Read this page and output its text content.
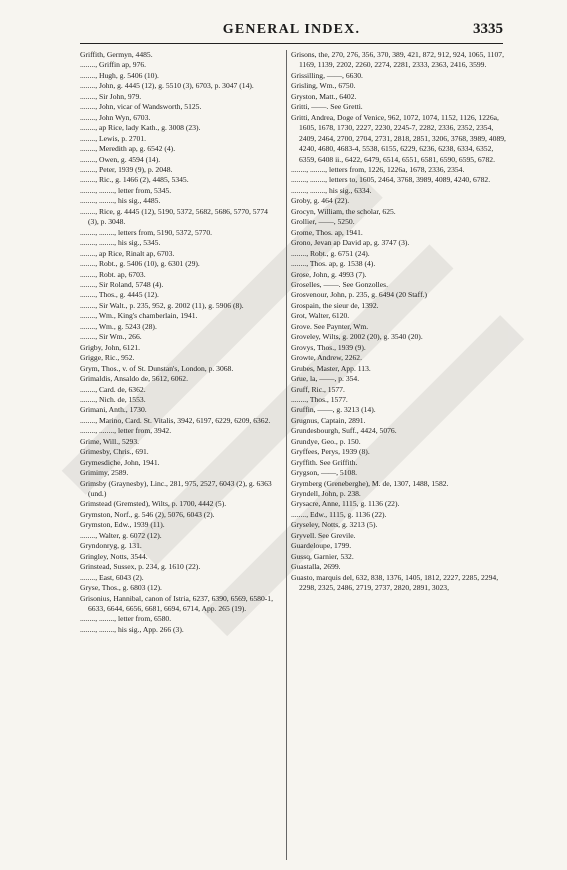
GENERAL INDEX.	3335
Griffith, Germyn, 4485.
........, Griffin ap, 976.
........, Hugh, g. 5406 (10).
........, John, g. 4445 (12), g. 5510 (3), 6703, p. 3047 (14).
........, Sir John, 979.
........, John, vicar of Wandsworth, 5125.
........, John Wyn, 6703.
........, ap Rice, lady Kath., g. 3008 (23).
........, Lewis, p. 2701.
........, Meredith ap, g. 6542 (4).
........, Owen, g. 4594 (14).
........, Peter, 1939 (9), p. 2048.
........, Ric., g. 1466 (2), 4485, 5345.
........, ........, letter from, 5345.
........, ........, his sig., 4485.
........, Rice, g. 4445 (12), 5190, 5372, 5682, 5686, 5770, 5774 (3), p. 3048.
........, ........, letters from, 5190, 5372, 5770.
........, ........, his sig., 5345.
........, ap Rice, Rinalt ap, 6703.
........, Robt., g. 5406 (10), g. 6301 (29).
........, Robt. ap, 6703.
........, Sir Roland, 5748 (4).
........, Thos., g. 4445 (12).
........, Sir Walt., p. 235, 952, g. 2002 (11), g. 5906 (8).
........, Wm., King's chamberlain, 1941.
........, Wm., g. 5243 (28).
........, Sir Wm., 266.
Grigby, John, 6121.
Grigge, Ric., 952.
Grym, Thos., v. of St. Dunstan's, London, p. 3068.
Grimaldis, Ansaldo de, 5612, 6062.
........, Card. de, 6362.
........, Nich. de, 1553.
Grimani, Anth., 1730.
........, Marino, Card. St. Vitalis, 3942, 6197, 6229, 6209, 6362.
........, ........, letter from, 3942.
Grime, Will., 5293.
Grimesby, Chris., 691.
Grymesdiche, John, 1941.
Grimimy, 2589.
Grimsby (Graynesby), Linc., 281, 975, 2527, 6043 (2), g. 6363 (und.)
Grimstead (Gremsted), Wilts, p. 1700, 4442 (5).
Grymston, Norf., g. 546 (2), 5076, 6043 (2).
Grymston, Edw., 1939 (11).
........, Walter, g. 6072 (12).
Gryndonryg, g. 131.
Gringley, Notts, 3544.
Grinstead, Sussex, p. 234, g. 1610 (22).
........, East, 6043 (2).
Gryse, Thos., g. 6803 (12).
Grisonius, Hannibal, canon of Istria, 6237, 6390, 6569, 6580-1, 6633, 6644, 6656, 6681, 6694, 6714, App. 265 (19).
........, ........, letter from, 6580.
........, ........, his sig., App. 266 (3).
Grisons, the, 270, 276, 356, 370, 389, 421, 872, 912, 924, 1065, 1107, 1169, 1139, 2202, 2260, 2274, 2281, 2333, 2363, 2416, 3599.
Grissilling, ——, 6630.
Grisling, Wm., 6750.
Gryston, Matt., 6402.
Gritti, ——. See Gretti.
Gritti, Andrea, Doge of Venice, 962, 1072, 1074, 1152, 1126, 1226a, 1605, 1678, 1730, 2227, 2230, 2245-7, 2282, 2336, 2352, 2354, 2409, 2464, 2700, 2704, 2731, 2818, 2851, 3206, 3768, 3989, 4089, 4240, 4680, 4683-4, 5538, 6155, 6229, 6236, 6238, 6334, 6352, 6359, 6408 ii., 6422, 6479, 6514, 6551, 6581, 6590, 6595, 6782.
........, ........, letters from, 1226, 1226a, 1678, 2336, 2354.
........, ........, letters to, 1605, 2464, 3768, 3989, 4089, 4240, 6782.
........, ........, his sig., 6334.
Groby, g. 464 (22).
Grocyn, William, the scholar, 625.
Grollier, ——, 5250.
Grome, Thos. ap, 1941.
Grono, Jevan ap David ap, g. 3747 (3).
........, Robt., g. 6751 (24).
........, Thos. ap, g. 1538 (4).
Grose, John, g. 4993 (7).
Groselles, ——. See Gonzolles.
Grosvenour, John, p. 235, g. 6494 (20 Staff.)
Grospain, the sieur de, 1392.
Grot, Walter, 6120.
Grove. See Paynter, Wm.
Groveley, Wilts, g. 2002 (20), g. 3540 (20).
Grovys, Thos., 1939 (9).
Growte, Andrew, 2262.
Grubes, Master, App. 113.
Grue, la, ——, p. 354.
Gruff, Ric., 1577.
........, Thos., 1577.
Gruffin, ——, g. 3213 (14).
Grugnus, Captain, 2891.
Grundesbourgh, Suff., 4424, 5076.
Grundye, Geo., p. 150.
Gryffees, Perys, 1939 (8).
Gryffith. See Griffith.
Grygson, ——, 5108.
Grymberg (Greneberghe), M. de, 1307, 1488, 1582.
Gryndell, John, p. 238.
Grysacre, Anne, 1115, g. 1136 (22).
........, Edw., 1115, g. 1136 (22).
Gryseley, Notts, g. 3213 (5).
Gryvell. See Grevile.
Guardeloupe, 1799.
Gussq, Garnier, 532.
Guastalla, 2699.
Guasto, marquis del, 632, 838, 1376, 1405, 1812, 2227, 2285, 2294, 2298, 2325, 2486, 2719, 2737, 2820, 2891, 3023,
